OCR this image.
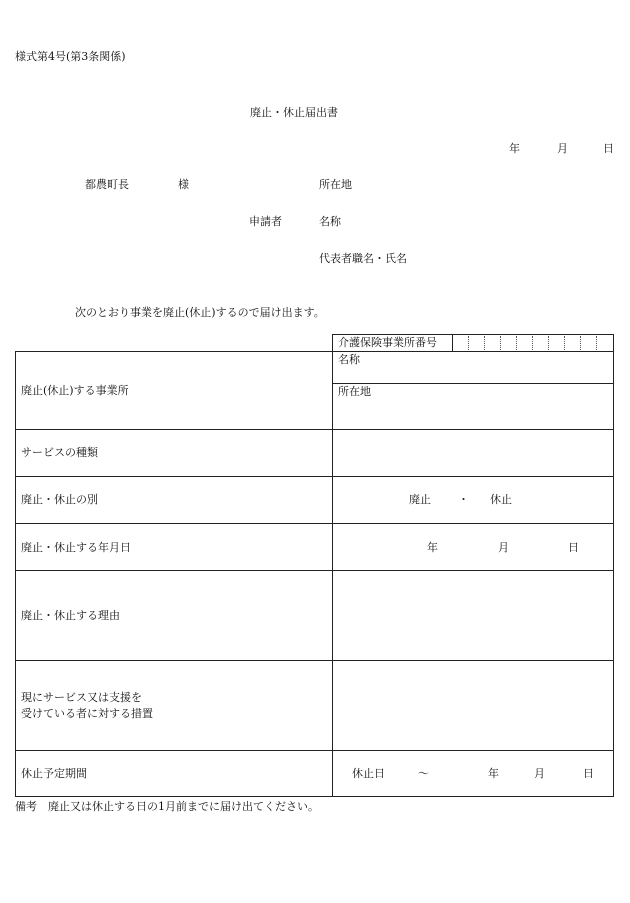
様式第4号(第3条関係)
廃止・休止届出書
年	月	日
都農町長	様	所在地
申請者	名称
代表者職名・氏名
次のとおり事業を廃止(休止)するので届け出ます。
介護保険事業所番号
廃止(休止)する事業所
名称
所在地
サービスの種類
廃止・休止の別	廃止 ・ 休止
廃止・休止する年月日	年	月	日
廃止・休止する理由
現にサービス又は支援を
受けている者に対する措置
休止予定期間	休止日	～	年	月	日
備考　廃止又は休止する日の1月前までに届け出てください。
